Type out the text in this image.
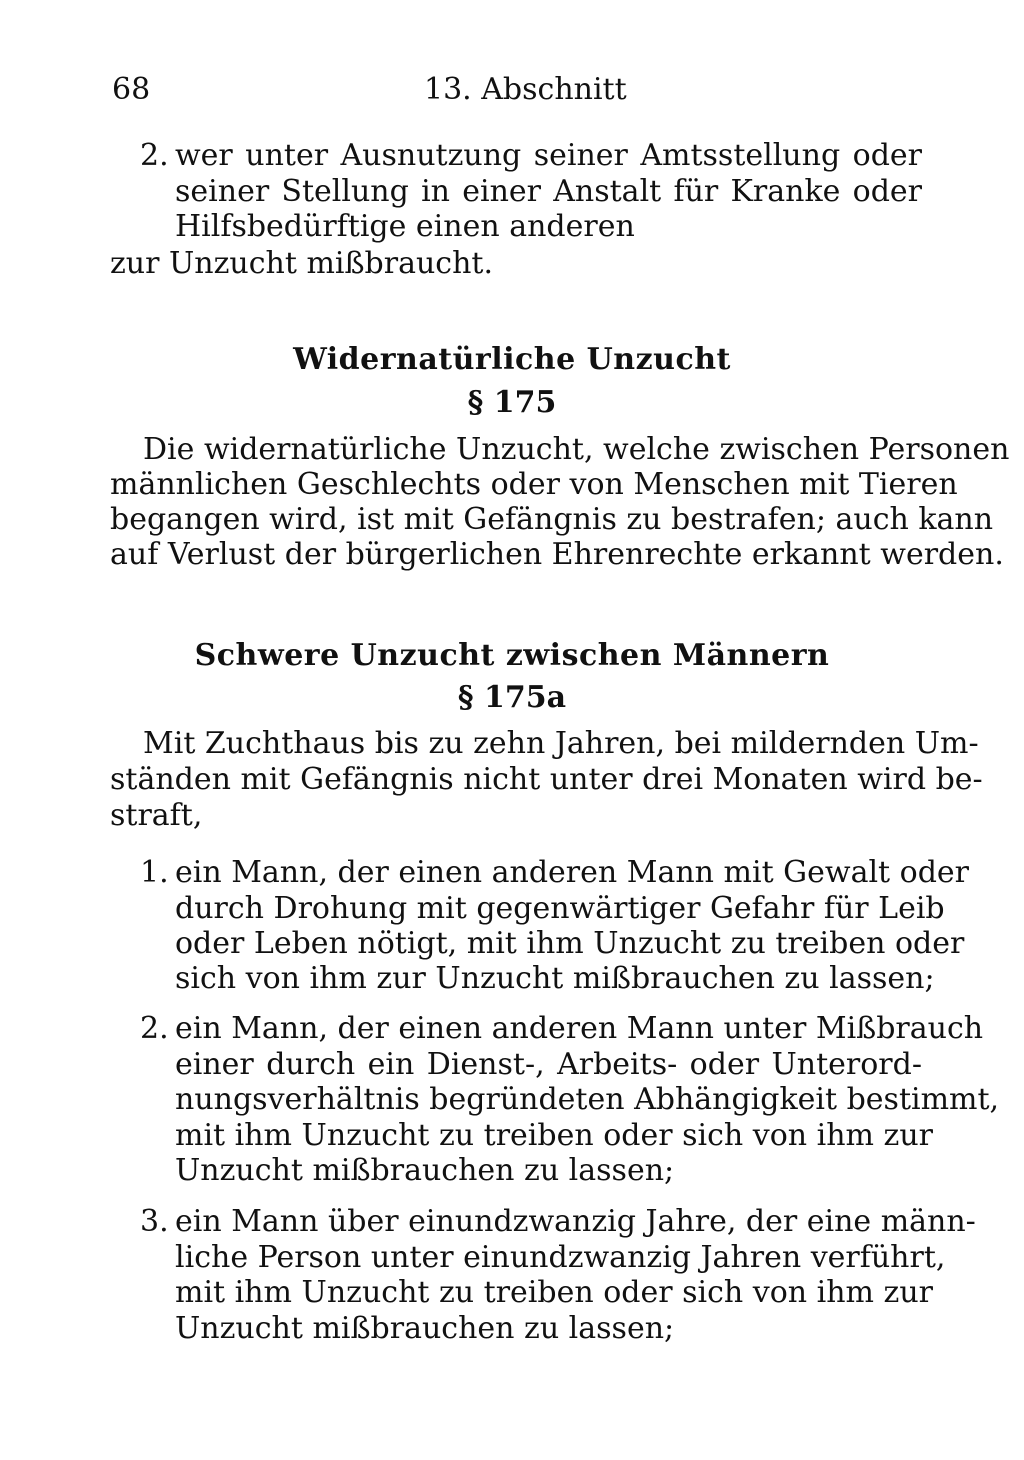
68	13. Abschnitt
2. wer unter Ausnutzung seiner Amtsstellung oder
seiner Stellung in einer Anstalt für Kranke oder
Hilfsbedürftige einen anderen
zur Unzucht mißbraucht.
Widernatürliche Unzucht
§ 175
Die widernatürliche Unzucht, welche zwischen Personen
männlichen Geschlechts oder von Menschen mit Tieren
begangen wird, ist mit Gefängnis zu bestrafen; auch kann
auf Verlust der bürgerlichen Ehrenrechte erkannt werden.
Schwere Unzucht zwischen Männern
§ 175a
Mit Zuchthaus bis zu zehn Jahren, bei mildernden Um-
ständen mit Gefängnis nicht unter drei Monaten wird be-
straft,
1. ein Mann, der einen anderen Mann mit Gewalt oder
durch Drohung mit gegenwärtiger Gefahr für Leib
oder Leben nötigt, mit ihm Unzucht zu treiben oder
sich von ihm zur Unzucht mißbrauchen zu lassen;
2. ein Mann, der einen anderen Mann unter Mißbrauch
einer durch ein Dienst-, Arbeits- oder Unterord-
nungsverhältnis begründeten Abhängigkeit bestimmt,
mit ihm Unzucht zu treiben oder sich von ihm zur
Unzucht mißbrauchen zu lassen;
3. ein Mann über einundzwanzig Jahre, der eine männ-
liche Person unter einundzwanzig Jahren verführt,
mit ihm Unzucht zu treiben oder sich von ihm zur
Unzucht mißbrauchen zu lassen;
